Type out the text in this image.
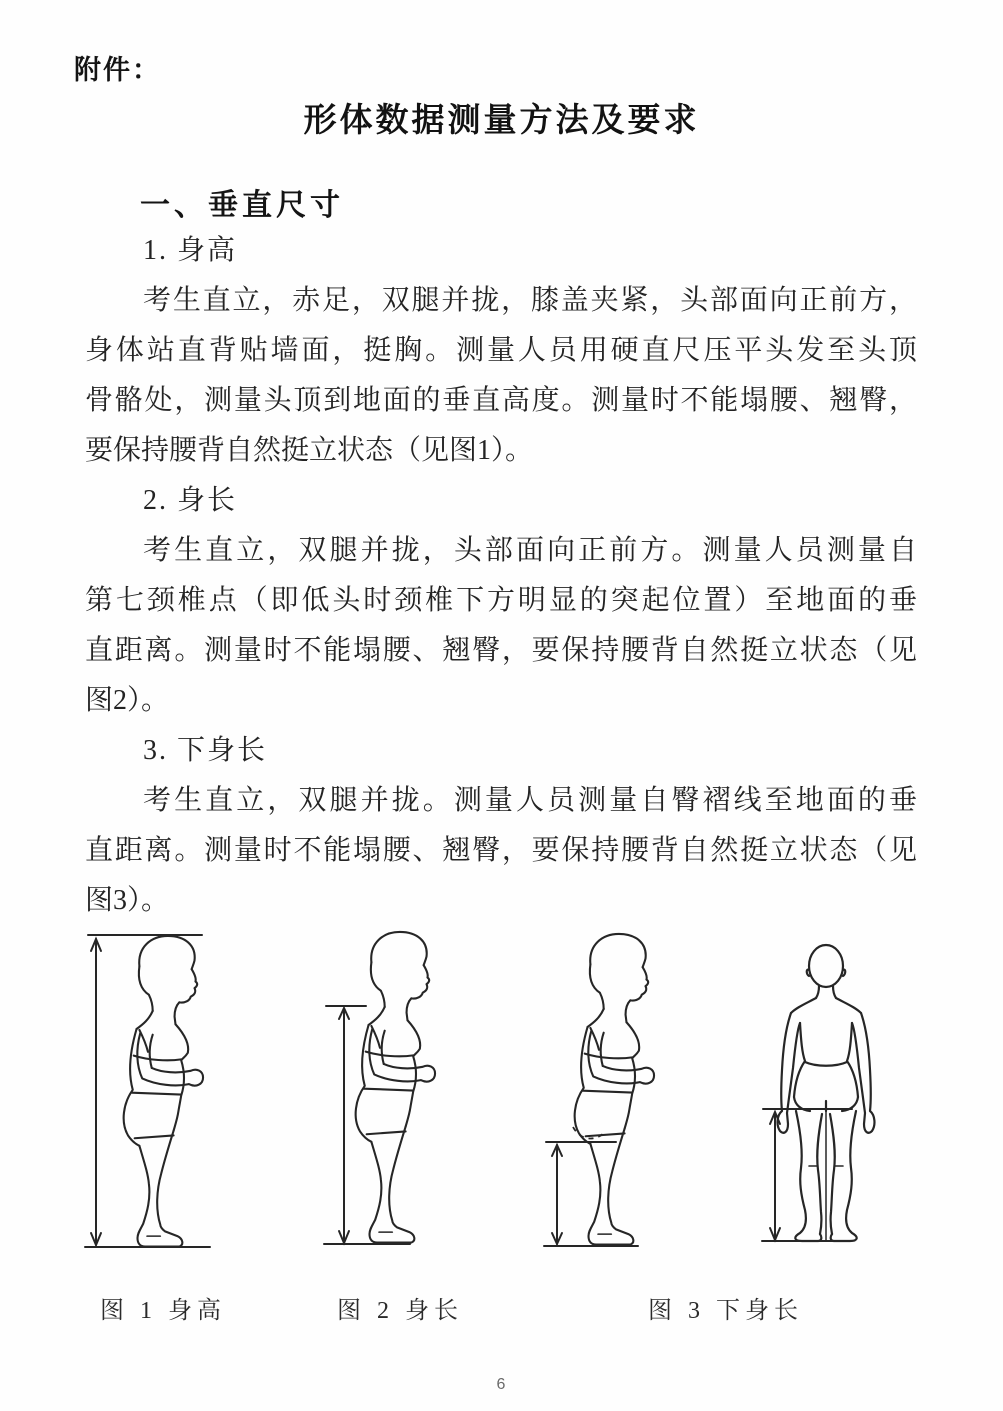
附件：
形体数据测量方法及要求
一、垂直尺寸
1. 身高
考生直立，赤足，双腿并拢，膝盖夹紧，头部面向正前方，
身体站直背贴墙面，挺胸。测量人员用硬直尺压平头发至头顶
骨骼处，测量头顶到地面的垂直高度。测量时不能塌腰、翘臀，
要保持腰背自然挺立状态（见图1）。
2. 身长
考生直立，双腿并拢，头部面向正前方。测量人员测量自
第七颈椎点（即低头时颈椎下方明显的突起位置）至地面的垂
直距离。测量时不能塌腰、翘臀，要保持腰背自然挺立状态（见
图2）。
3. 下身长
考生直立，双腿并拢。测量人员测量自臀褶线至地面的垂
直距离。测量时不能塌腰、翘臀，要保持腰背自然挺立状态（见
图3）。
图 1 身高	图 2 身长	图 3 下身长
6
